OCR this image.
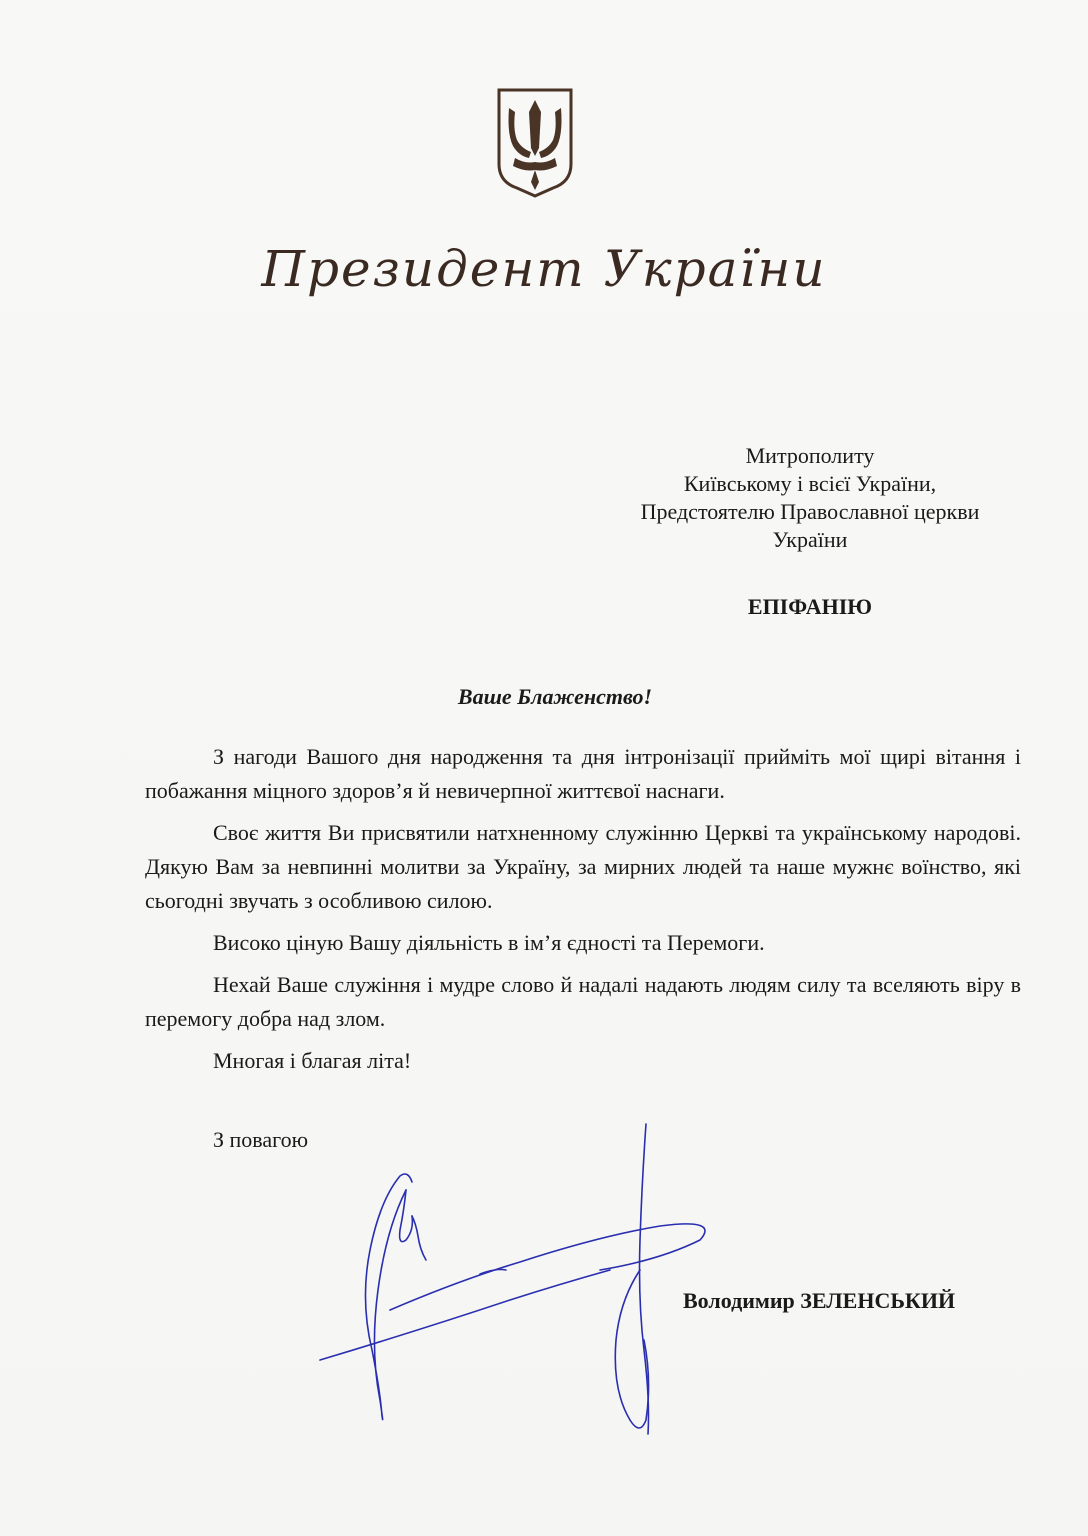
Президент України
Митрополиту
Київському і всієї України,
Предстоятелю Православної церкви
України
ЕПІФАНІЮ
Ваше Блаженство!

З нагоди Вашого дня народження та дня інтронізації прийміть мої щирі вітання і побажання міцного здоров’я й невичерпної життєвої наснаги.

Своє життя Ви присвятили натхненному служінню Церкві та українському народові. Дякую Вам за невпинні молитви за Україну, за мирних людей та наше мужнє воїнство, які сьогодні звучать з особливою силою.

Високо ціную Вашу діяльність в ім’я єдності та Перемоги.

Нехай Ваше служіння і мудре слово й надалі надають людям силу та вселяють віру в перемогу добра над злом.

Многая і благая літа!

З повагою
Володимир ЗЕЛЕНСЬКИЙ
